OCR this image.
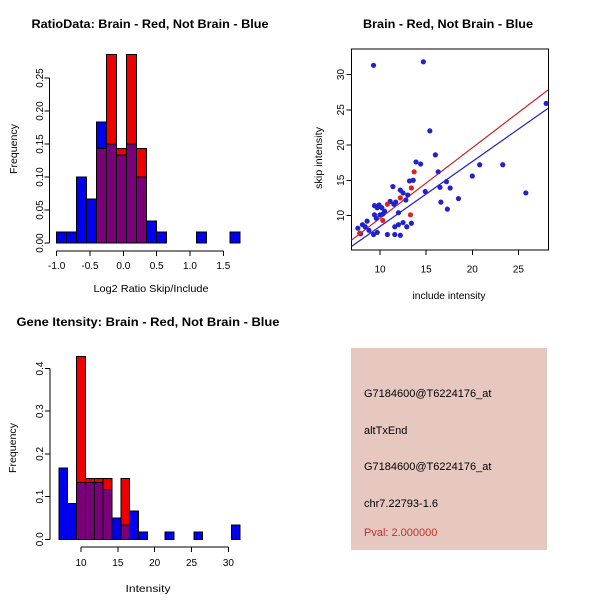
-1.0 -0.5 0.0 0.5 1.0 1.5
0.00
0.05
0.10
0.15
0.20
0.25
RatioData: Brain - Red, Not Brain - Blue
Log2 Ratio Skip/Include
Frequency
10	15	20	25
10
15
20
25
30
Brain - Red, Not Brain - Blue
include intensity
skip intensity
10	15	20	25	30
0.0
0.1
0.2
0.3
0.4
Gene Itensity: Brain - Red, Not Brain - Blue
Intensity
Frequency
G7184600@T6224176_at
altTxEnd
G7184600@T6224176_at
chr7.22793-1.6
Pval: 2.000000
